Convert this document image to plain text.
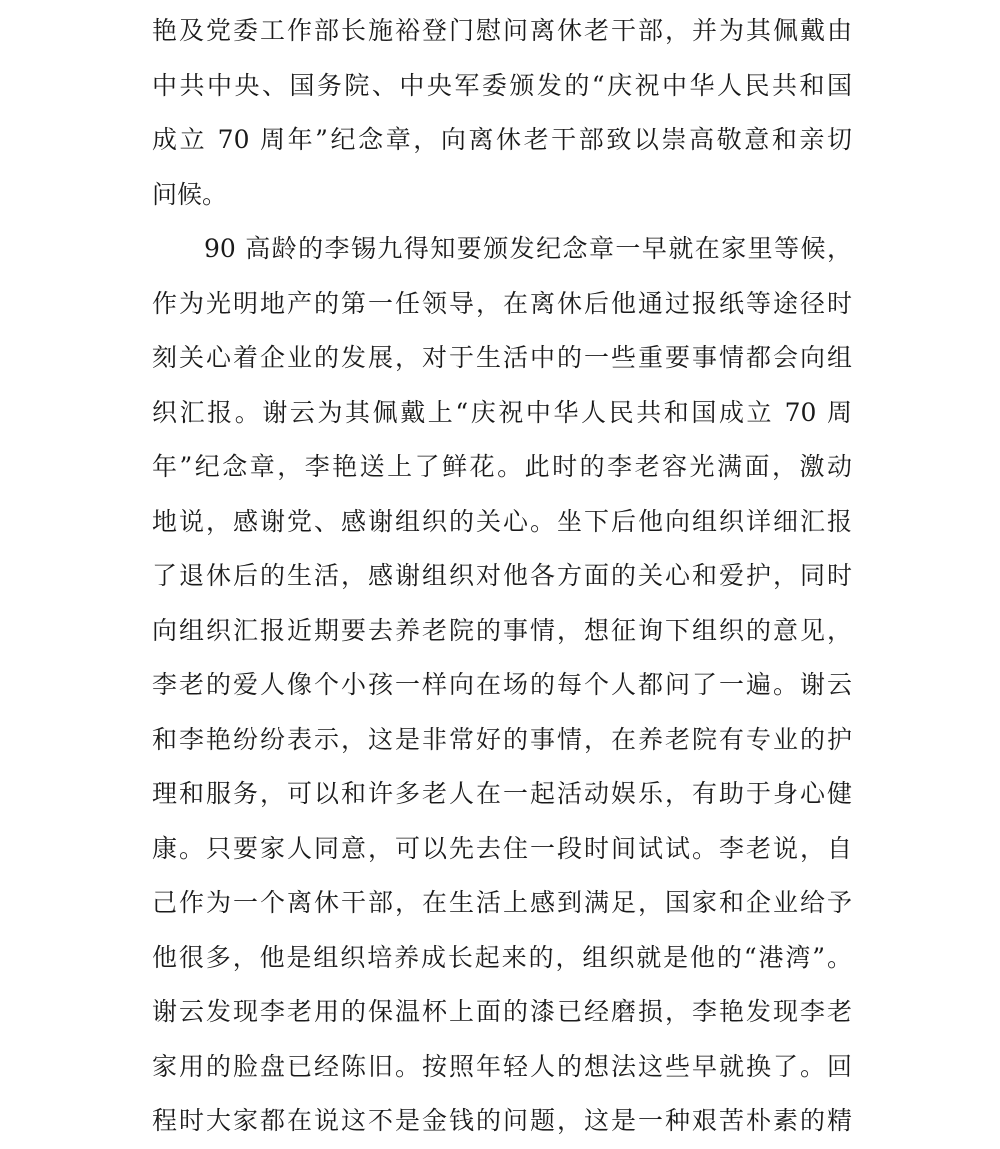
艳及党委工作部长施裕登门慰问离休老干部，并为其佩戴由
中共中央、国务院、中央军委颁发的“庆祝中华人民共和国
成立 70 周年”纪念章，向离休老干部致以崇高敬意和亲切
问候。
90 高龄的李锡九得知要颁发纪念章一早就在家里等候，
作为光明地产的第一任领导，在离休后他通过报纸等途径时
刻关心着企业的发展，对于生活中的一些重要事情都会向组
织汇报。谢云为其佩戴上“庆祝中华人民共和国成立 70 周
年”纪念章，李艳送上了鲜花。此时的李老容光满面，激动
地说，感谢党、感谢组织的关心。坐下后他向组织详细汇报
了退休后的生活，感谢组织对他各方面的关心和爱护，同时
向组织汇报近期要去养老院的事情，想征询下组织的意见，
李老的爱人像个小孩一样向在场的每个人都问了一遍。谢云
和李艳纷纷表示，这是非常好的事情，在养老院有专业的护
理和服务，可以和许多老人在一起活动娱乐，有助于身心健
康。只要家人同意，可以先去住一段时间试试。李老说，自
己作为一个离休干部，在生活上感到满足，国家和企业给予
他很多，他是组织培养成长起来的，组织就是他的“港湾”。
谢云发现李老用的保温杯上面的漆已经磨损，李艳发现李老
家用的脸盘已经陈旧。按照年轻人的想法这些早就换了。回
程时大家都在说这不是金钱的问题，这是一种艰苦朴素的精
